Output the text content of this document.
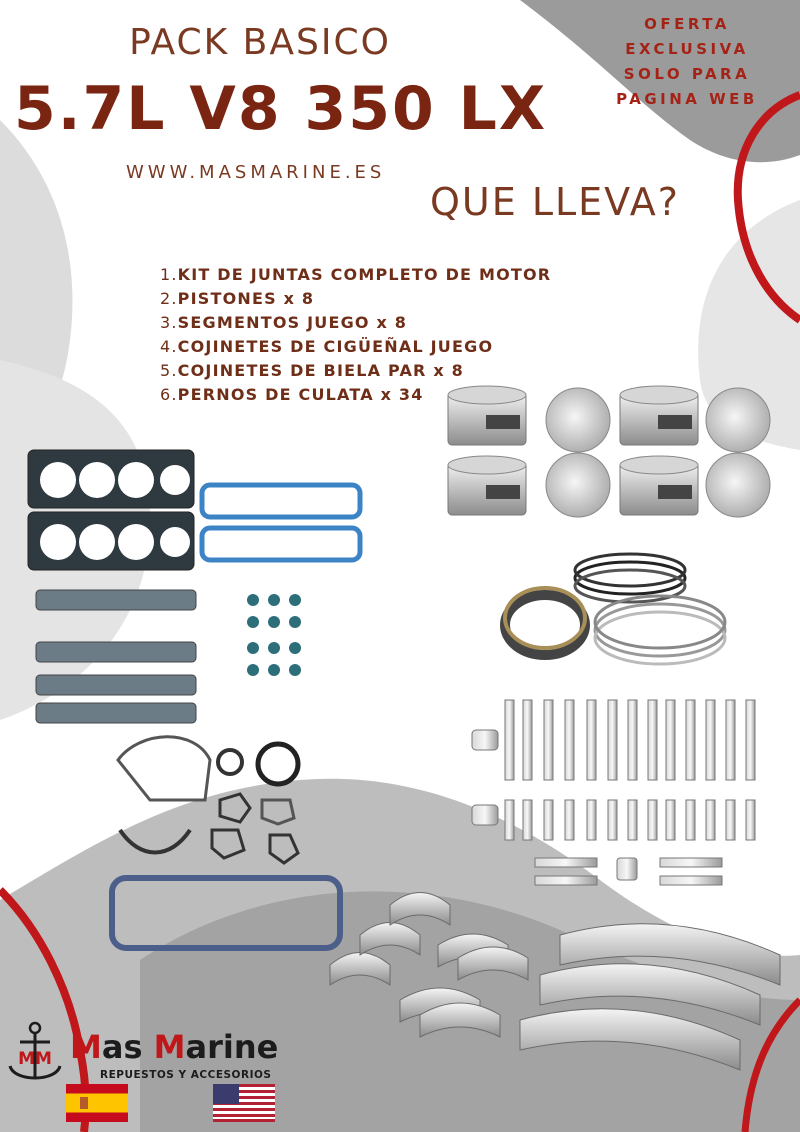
PACK BASICO
5.7L V8 350 LX
WWW.MASMARINE.ES
OFERTA
EXCLUSIVA
SOLO PARA
PAGINA WEB
QUE LLEVA?
1.KIT DE JUNTAS COMPLETO DE MOTOR
2.PISTONES x 8
3.SEGMENTOS JUEGO x 8
4.COJINETES DE CIGÜEÑAL JUEGO
5.COJINETES DE BIELA PAR x 8
6.PERNOS DE CULATA x 34
MM Mas Marine
REPUESTOS Y ACCESORIOS
